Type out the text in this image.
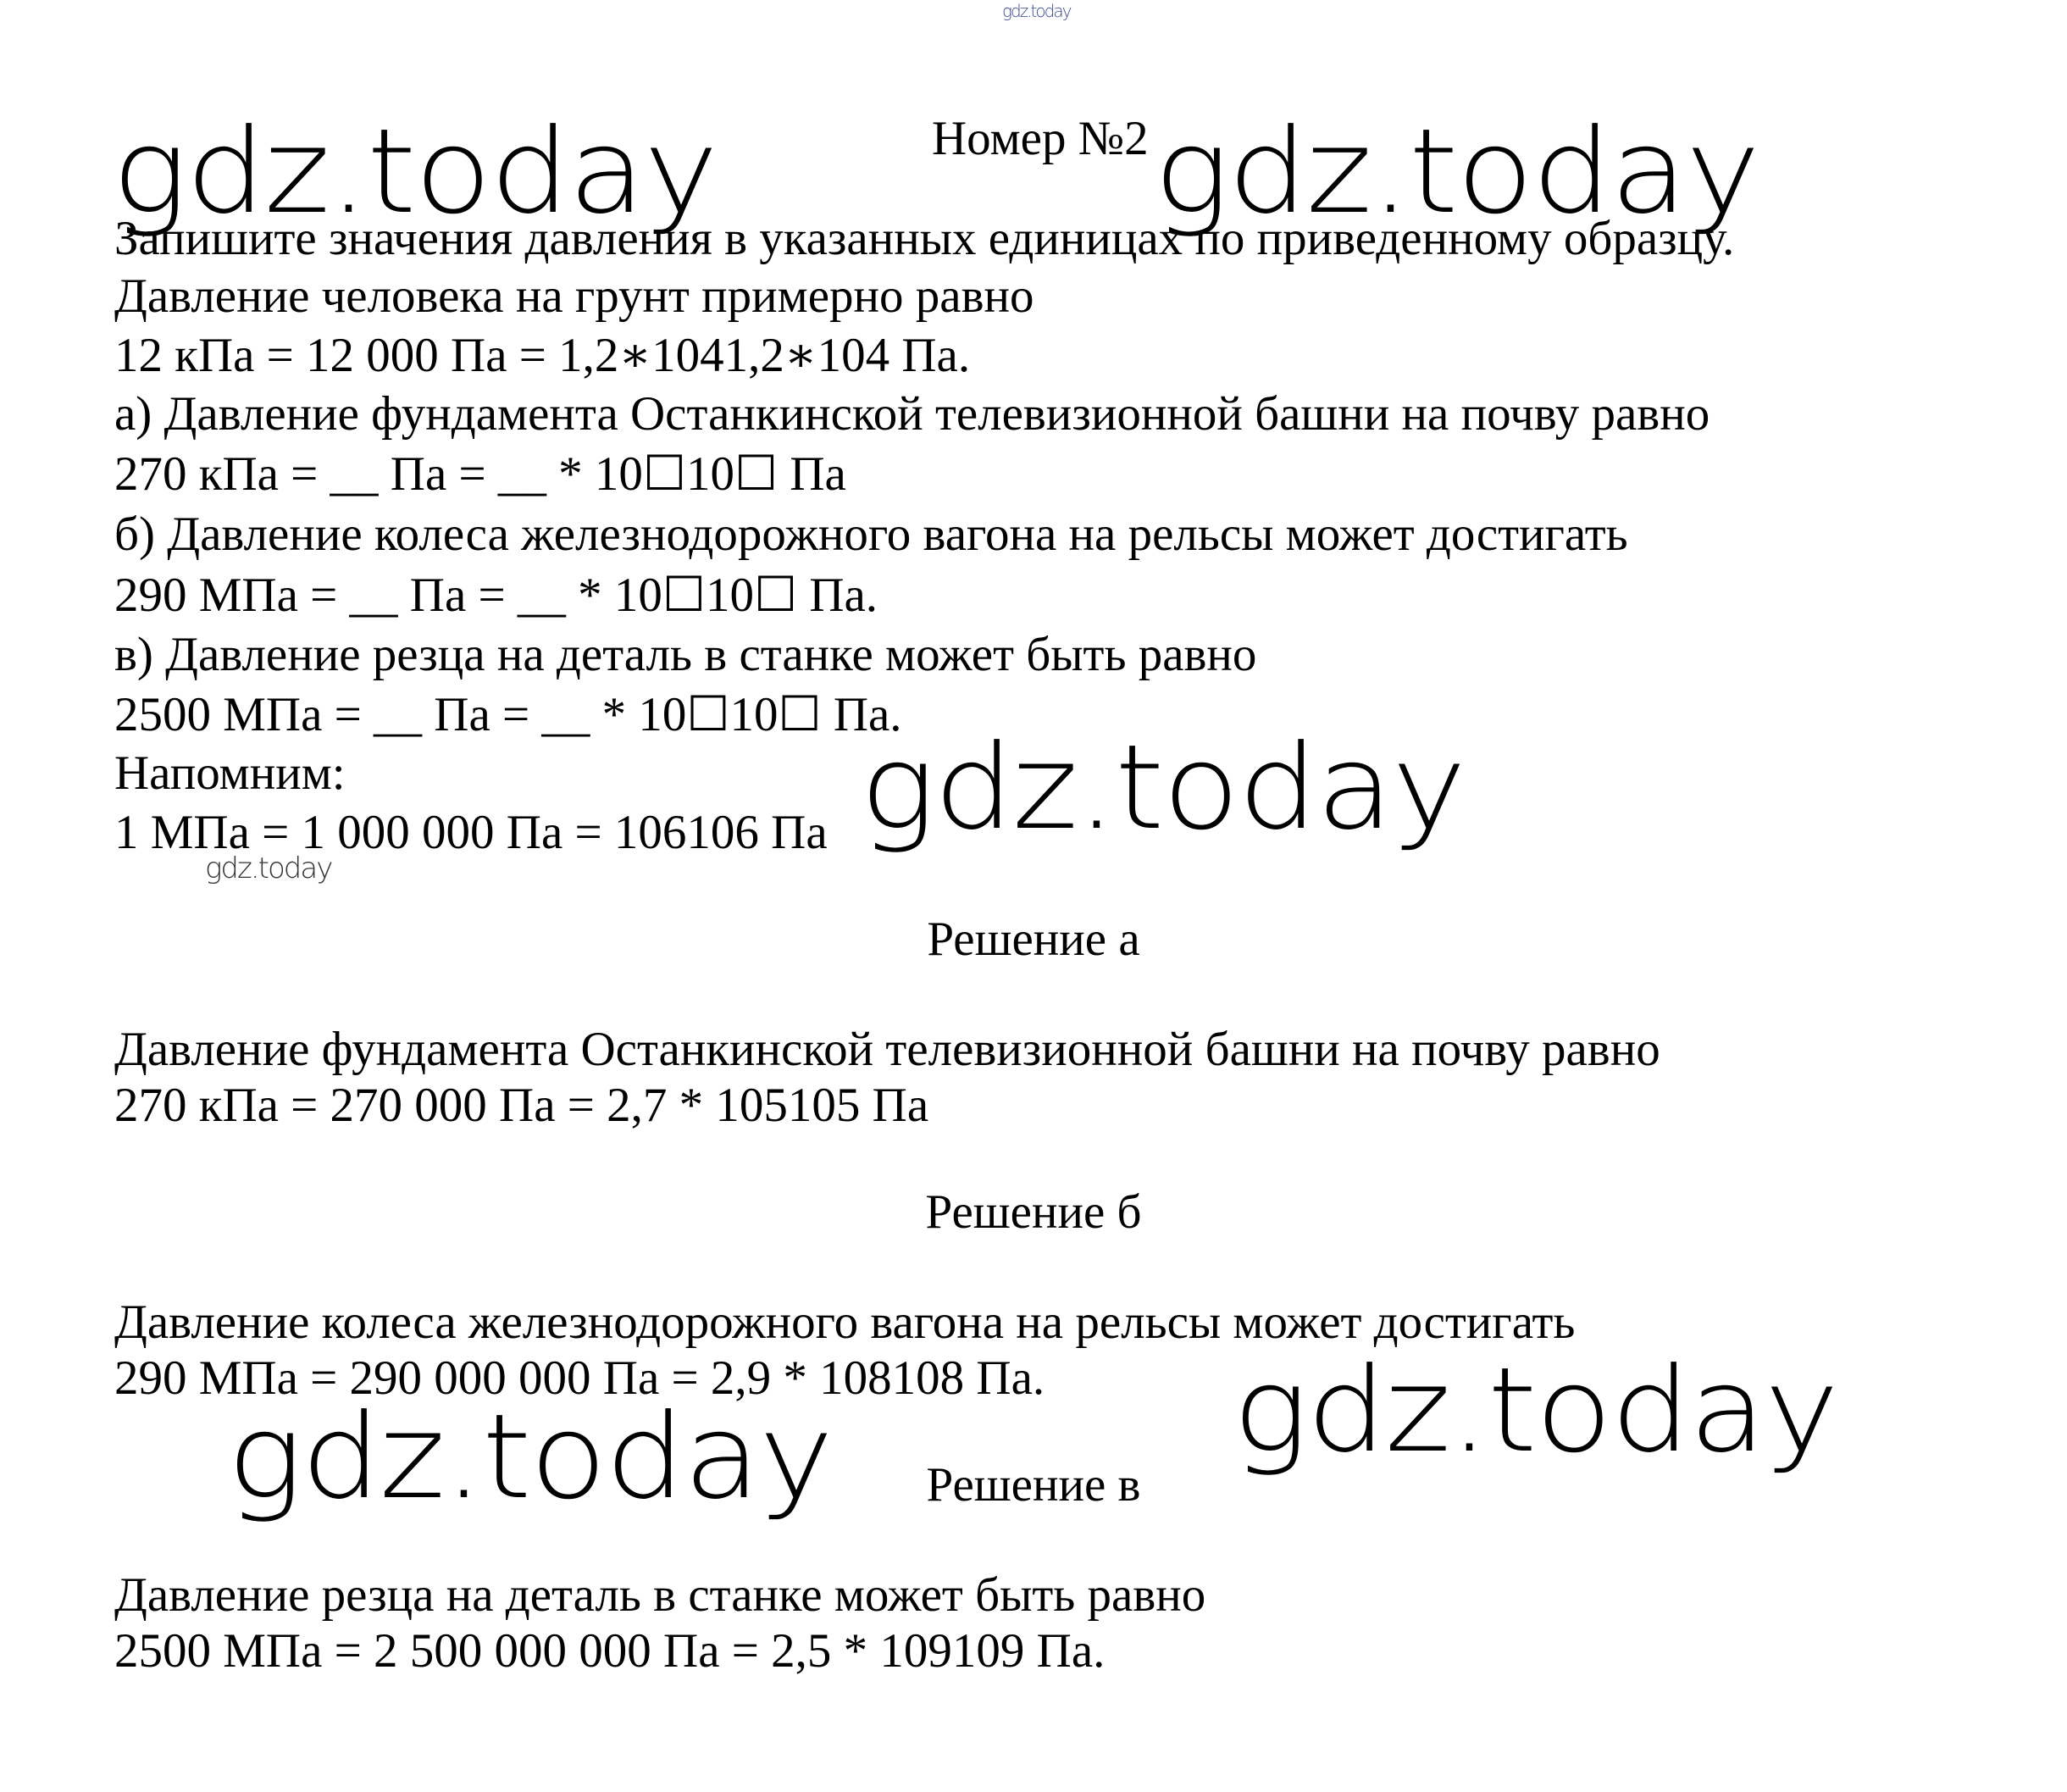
gdz.today
gdz.today	gdz.today
gdz.today
gdz.today
gdz.today
gdz.today
Номер №2
Запишите значения давления в указанных единицах по приведенному образцу.
Давление человека на грунт примерно равно
12 кПа = 12 000 Па = 1,2∗1041,2∗104 Па.
а) Давление фундамента Останкинской телевизионной башни на почву равно
270 кПа = __ Па = __ * 10☐10☐ Па
б) Давление колеса железнодорожного вагона на рельсы может достигать
290 МПа = __ Па = __ * 10☐10☐ Па.
в) Давление резца на деталь в станке может быть равно
2500 МПа = __ Па = __ * 10☐10☐ Па.
Напомним:
1 МПа = 1 000 000 Па = 106106 Па
Решение а
Давление фундамента Останкинской телевизионной башни на почву равно
270 кПа = 270 000 Па = 2,7 * 105105 Па
Решение б
Давление колеса железнодорожного вагона на рельсы может достигать
290 МПа = 290 000 000 Па = 2,9 * 108108 Па.
Решение в
Давление резца на деталь в станке может быть равно
2500 МПа = 2 500 000 000 Па = 2,5 * 109109 Па.
